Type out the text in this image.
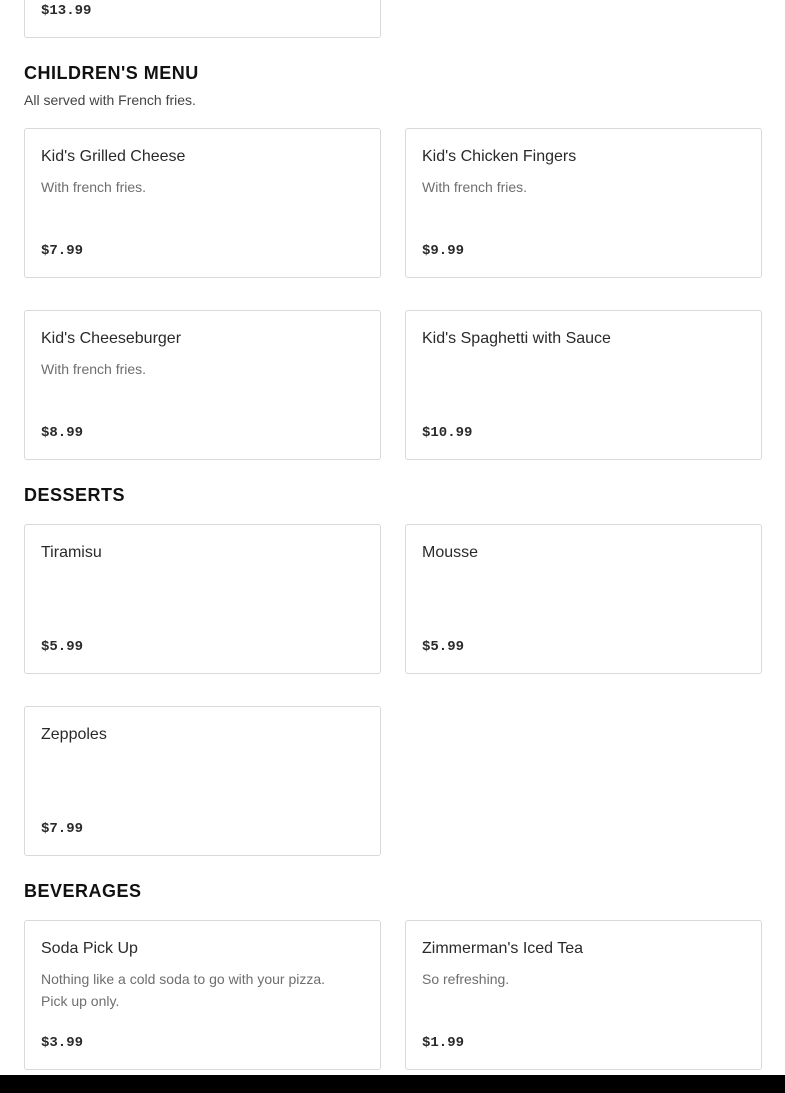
$13.99
CHILDREN'S MENU
All served with French fries.
Kid's Grilled Cheese
With french fries.
$7.99
Kid's Chicken Fingers
With french fries.
$9.99
Kid's Cheeseburger
With french fries.
$8.99
Kid's Spaghetti with Sauce
$10.99
DESSERTS
Tiramisu
$5.99
Mousse
$5.99
Zeppoles
$7.99
BEVERAGES
Soda Pick Up
Nothing like a cold soda to go with your pizza. Pick up only.
$3.99
Zimmerman's Iced Tea
So refreshing.
$1.99
